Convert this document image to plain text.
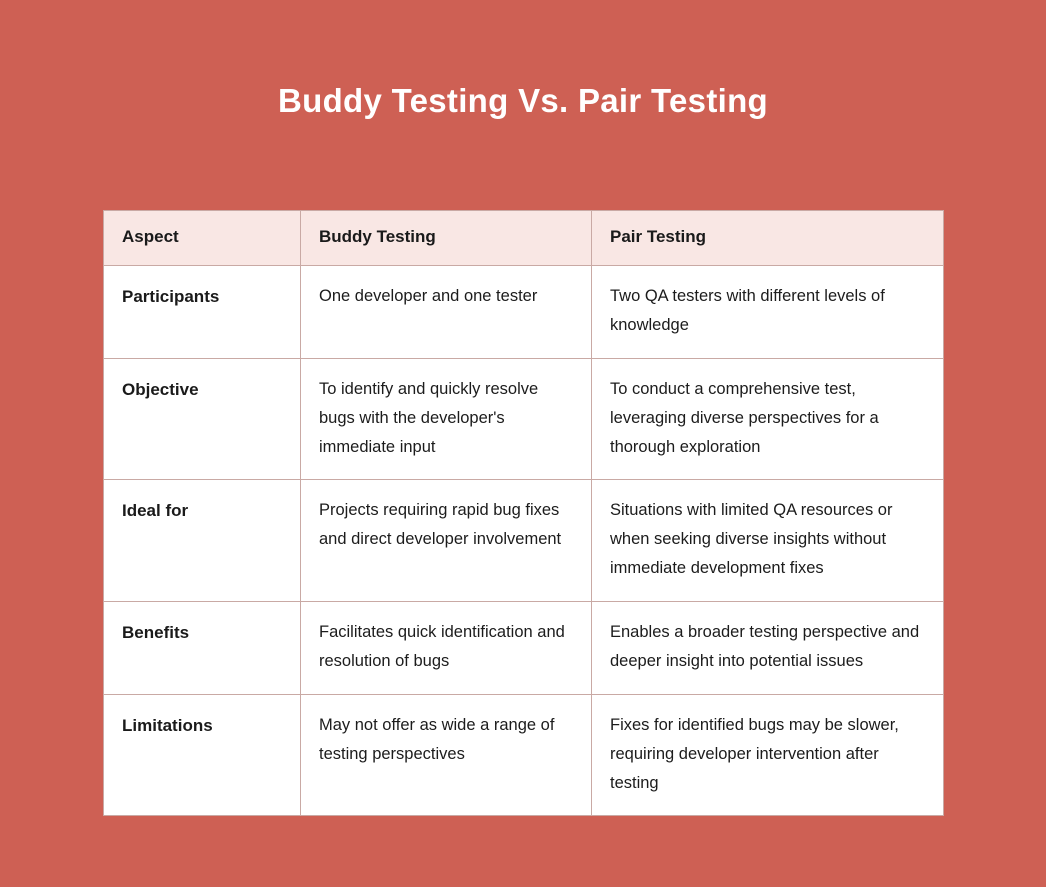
Buddy Testing Vs. Pair Testing
Aspect	Buddy Testing	Pair Testing
Participants	One developer and one tester	Two QA testers with different levels of knowledge
Objective	To identify and quickly resolve bugs with the developer's immediate input	To conduct a comprehensive test, leveraging diverse perspectives for a thorough exploration
Ideal for	Projects requiring rapid bug fixes and direct developer involvement	Situations with limited QA resources or when seeking diverse insights without immediate development fixes
Benefits	Facilitates quick identification and resolution of bugs	Enables a broader testing perspective and deeper insight into potential issues
Limitations	May not offer as wide a range of testing perspectives	Fixes for identified bugs may be slower, requiring developer intervention after testing
